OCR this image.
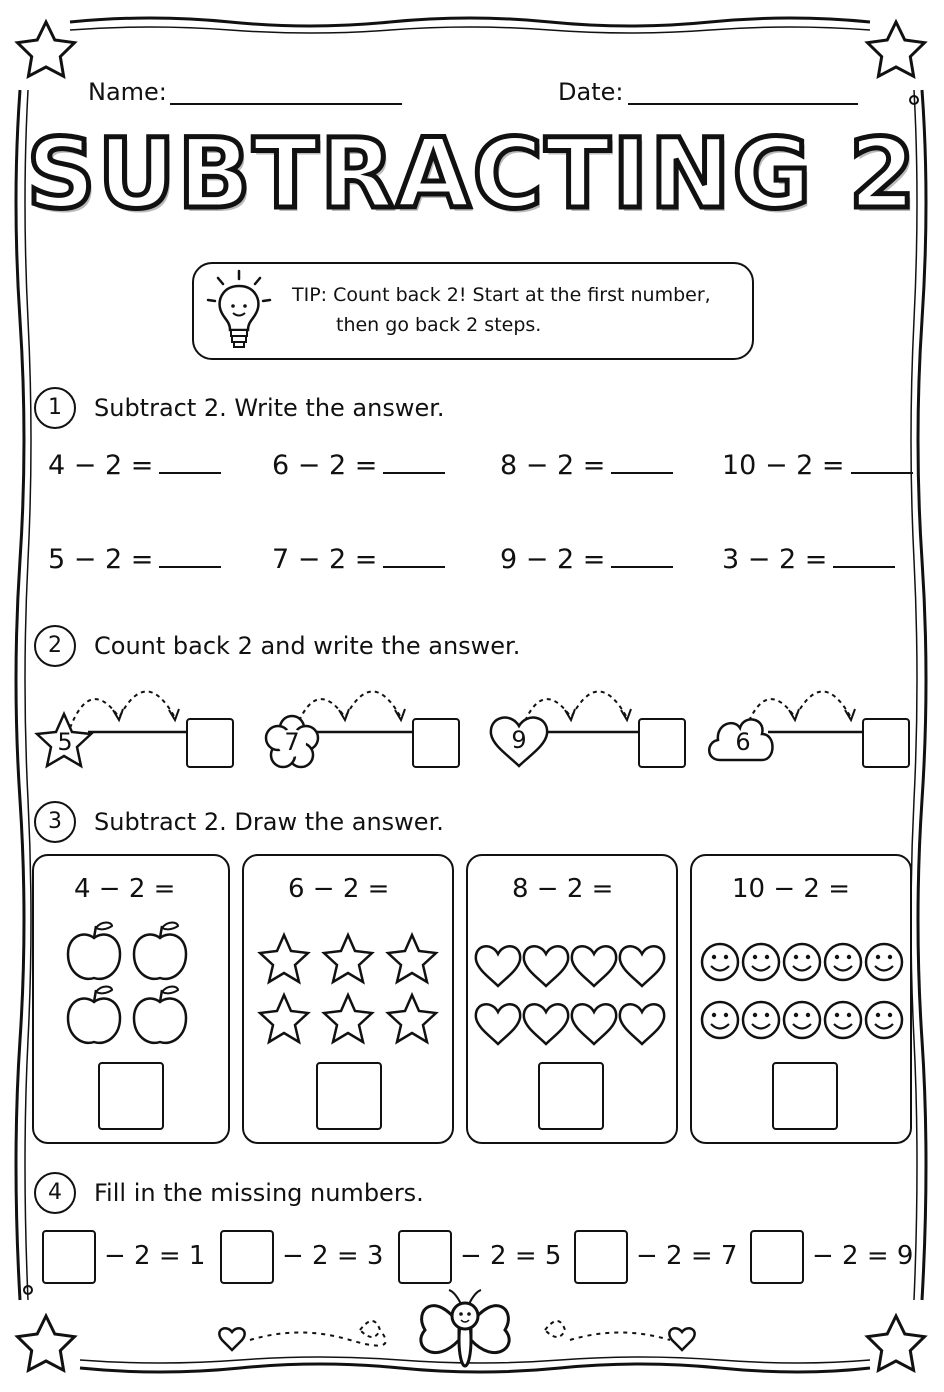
Name:	Date:
SUBTRACTING 2
TIP: Count back 2! Start at the first number,
then go back 2 steps.
1	Subtract 2. Write the answer.
4 − 2 =	6 − 2 =	8 − 2 =	10 − 2 =
5 − 2 =	7 − 2 =	9 − 2 =	3 − 2 =
2	Count back 2 and write the answer.
5	7	9	6
3	Subtract 2. Draw the answer.
4 − 2 =	6 − 2 =	8 − 2 =	10 − 2 =
4	Fill in the missing numbers.
− 2 = 1	− 2 = 3	− 2 = 5	− 2 = 7	− 2 = 9
